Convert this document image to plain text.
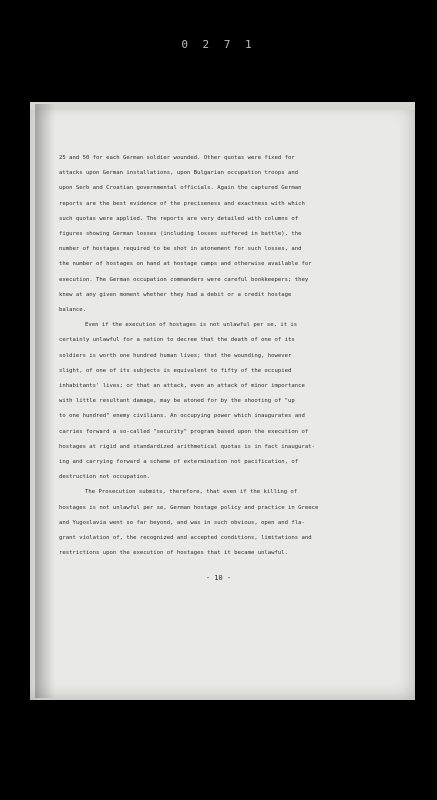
0 2 7 1
25 and 50 for each German soldier wounded. Other quotas were fixed for
attacks upon German installations, upon Bulgarian occupation troops and
upon Serb and Croatian governmental officials. Again the captured German
reports are the best evidence of the preciseness and exactness with which
such quotas were applied. The reports are very detailed with columns of
figures showing German losses (including losses suffered in battle), the
number of hostages required to be shot in atonement for such losses, and
the number of hostages on hand at hostage camps and otherwise available for
execution. The German occupation commanders were careful bookkeepers; they
knew at any given moment whether they had a debit or a credit hostage
balance.
Even if the execution of hostages is not unlawful per se, it is
certainly unlawful for a nation to decree that the death of one of its
soldiers is worth one hundred human lives; that the wounding, however
slight, of one of its subjects is equivalent to fifty of the occupied
inhabitants' lives; or that an attack, even an attack of minor importance
with little resultant damage, may be atoned for by the shooting of "up
to one hundred" enemy civilians. An occupying power which inaugurates and
carries forward a so-called "security" program based upon the execution of
hostages at rigid and standardized arithmetical quotas is in fact inaugurat-
ing and carrying forward a scheme of extermination not pacification, of
destruction not occupation.
The Prosecution submits, therefore, that even if the killing of
hostages is not unlawful per se, German hostage policy and practice in Greece
and Yugoslavia went so far beyond, and was in such obvious, open and fla-
grant violation of, the recognized and accepted conditions, limitations and
restrictions upon the execution of hostages that it became unlawful.
- 10 -
